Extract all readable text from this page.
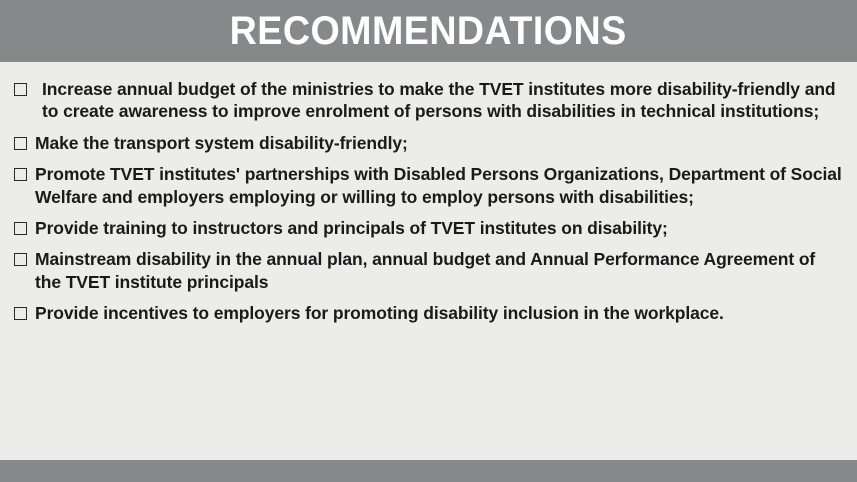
RECOMMENDATIONS
Increase annual budget of the ministries to make the TVET institutes more disability-friendly and to create awareness to improve enrolment of persons with disabilities in technical institutions;
Make the transport system disability-friendly;
Promote TVET institutes' partnerships with Disabled Persons Organizations, Department of Social Welfare and employers employing or willing to employ persons with disabilities;
Provide training to instructors and principals of TVET institutes on disability;
Mainstream disability in the annual plan, annual budget and Annual Performance Agreement of the TVET institute principals
Provide incentives to employers for promoting disability inclusion in the workplace.
